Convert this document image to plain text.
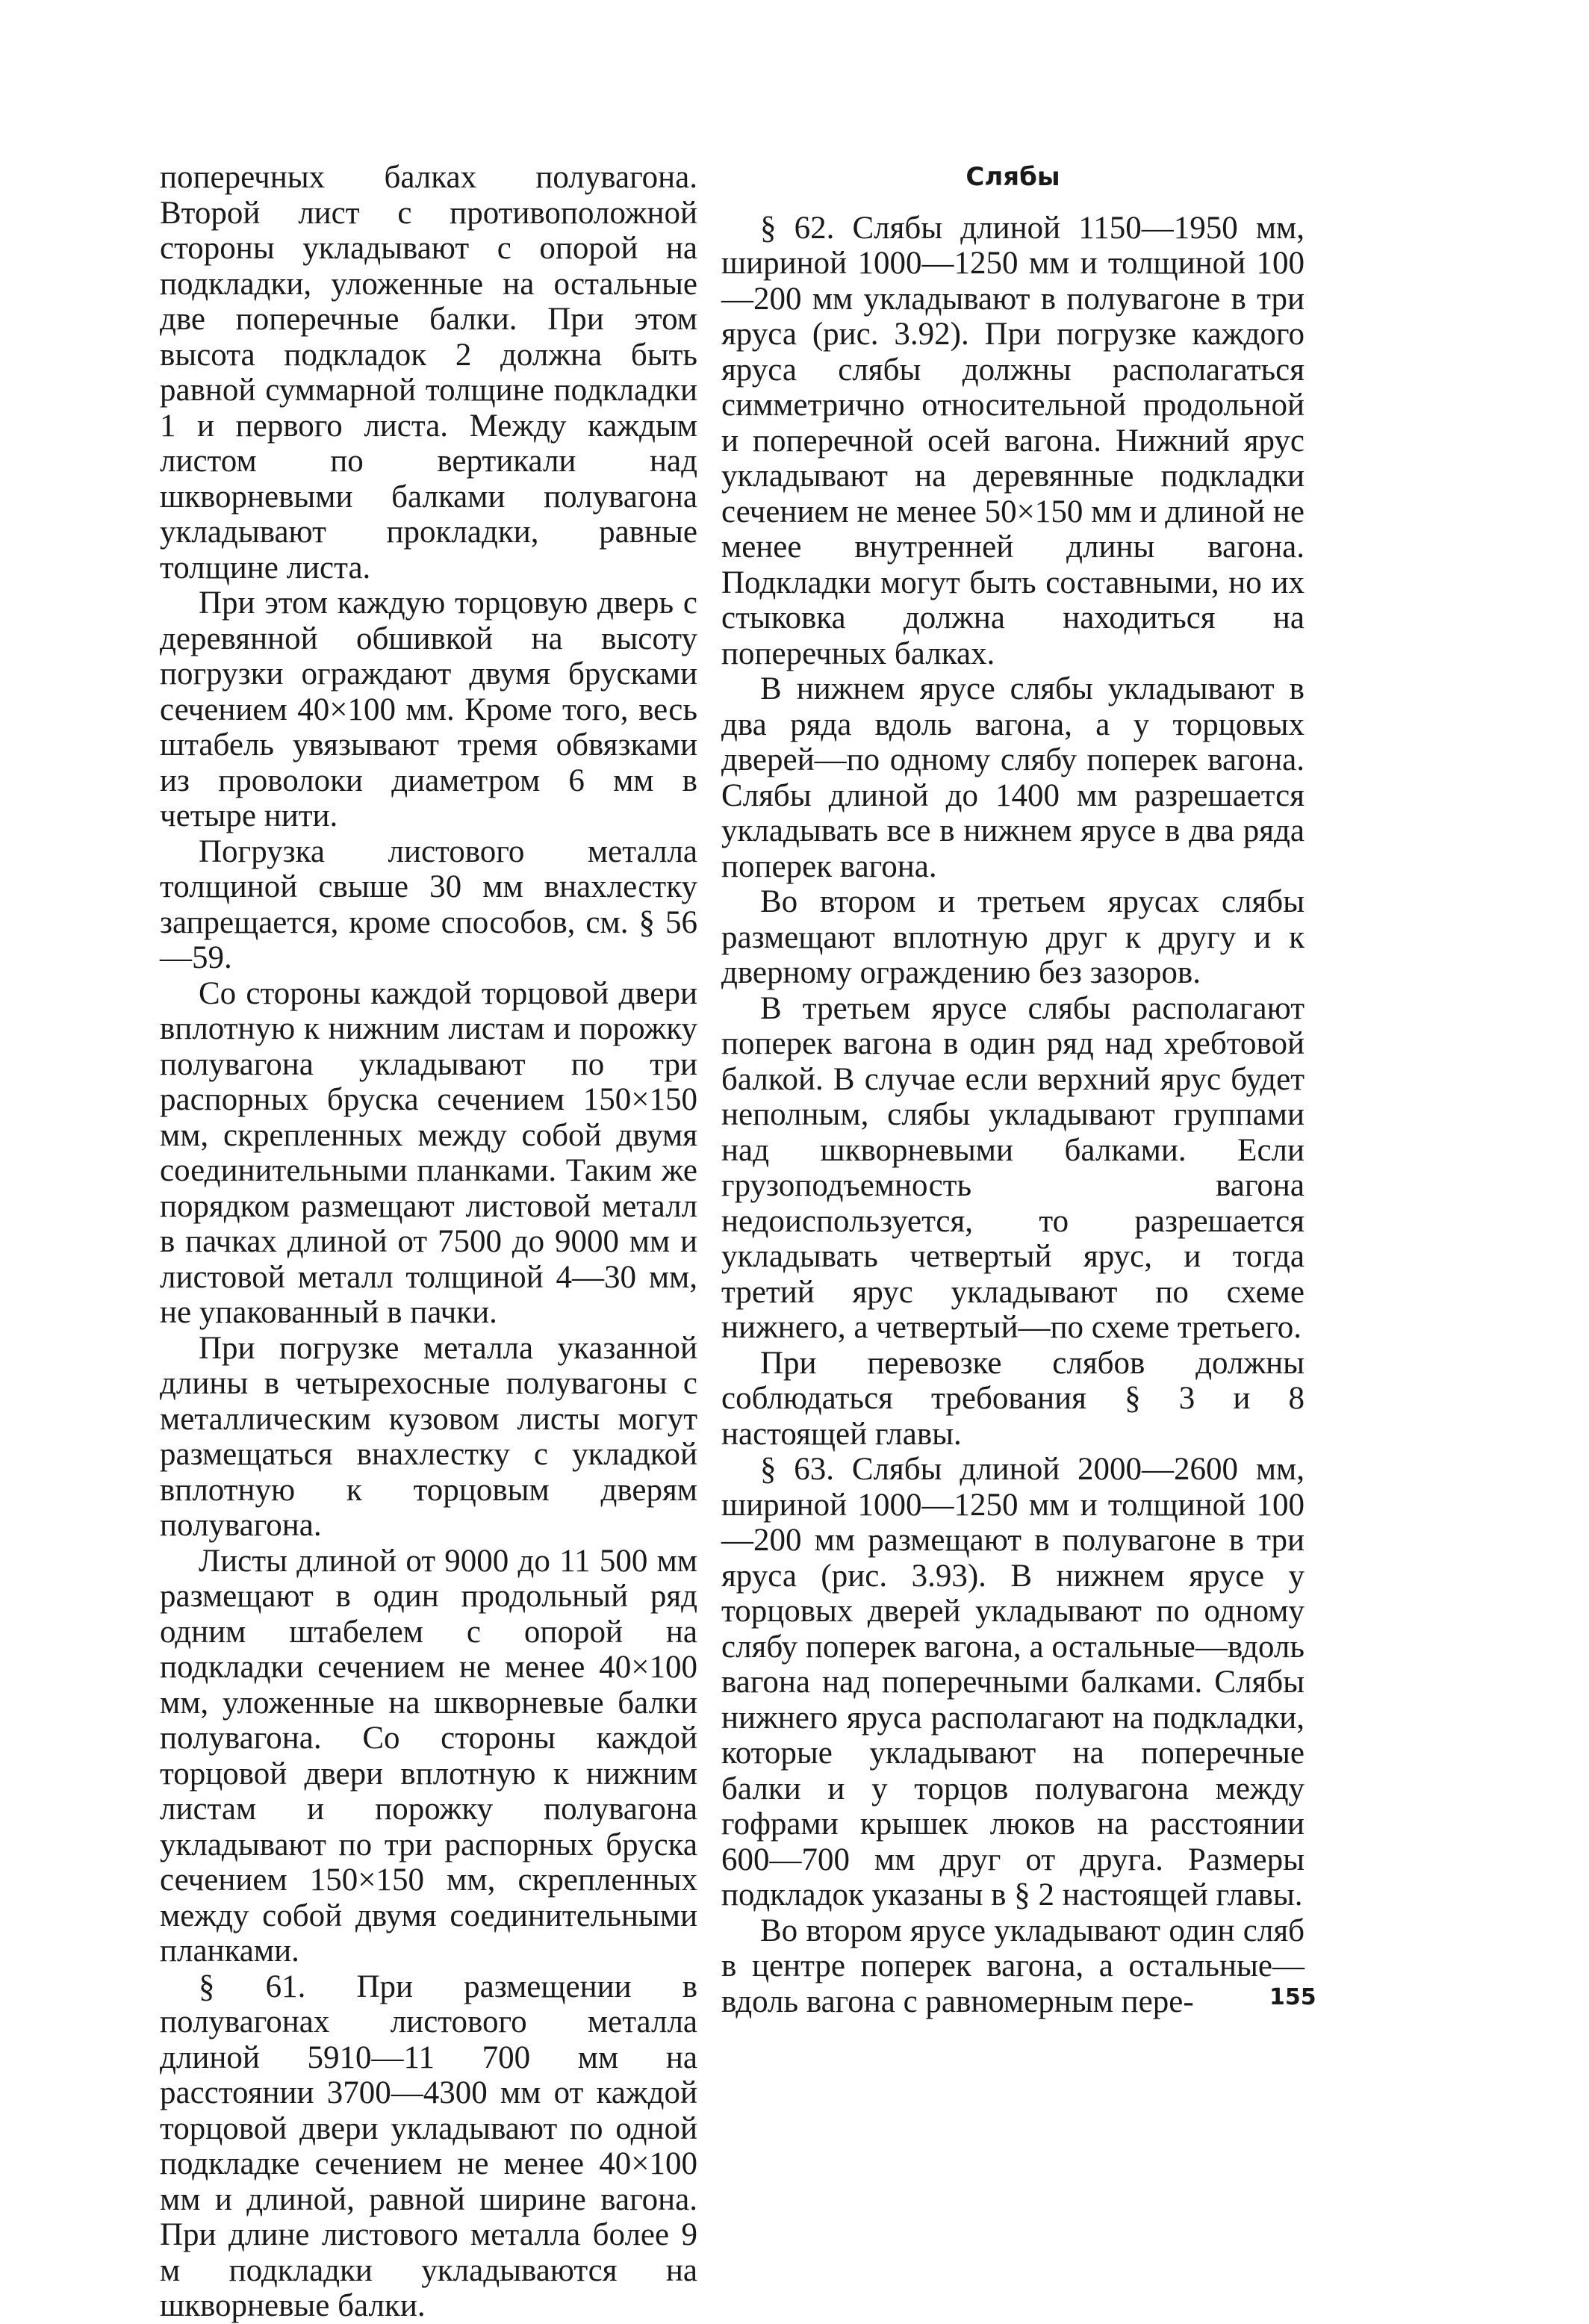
поперечных балках полувагона. Второй лист с противоположной стороны укладывают с опорой на подкладки, уложенные на остальные две поперечные балки. При этом высота подкладок 2 должна быть равной суммарной толщине подкладки 1 и первого листа. Между каждым листом по вертикали над шкворневыми балками полувагона укладывают прокладки, равные толщине листа.

При этом каждую торцовую дверь с деревянной обшивкой на высоту погрузки ограждают двумя брусками сечением 40×100 мм. Кроме того, весь штабель увязывают тремя обвязками из проволоки диаметром 6 мм в четыре нити.

Погрузка листового металла толщиной свыше 30 мм внахлестку запрещается, кроме способов, см. § 56—59.

Со стороны каждой торцовой двери вплотную к нижним листам и порожку полувагона укладывают по три распорных бруска сечением 150×150 мм, скрепленных между собой двумя соединительными планками. Таким же порядком размещают листовой металл в пачках длиной от 7500 до 9000 мм и листовой металл толщиной 4—30 мм, не упакованный в пачки.

При погрузке металла указанной длины в четырехосные полувагоны с металлическим кузовом листы могут размещаться внахлестку с укладкой вплотную к торцовым дверям полувагона.

Листы длиной от 9000 до 11 500 мм размещают в один продольный ряд одним штабелем с опорой на подкладки сечением не менее 40×100 мм, уложенные на шкворневые балки полувагона. Со стороны каждой торцовой двери вплотную к нижним листам и порожку полувагона укладывают по три распорных бруска сечением 150×150 мм, скрепленных между собой двумя соединительными планками.

§ 61. При размещении в полувагонах листового металла длиной 5910—11 700 мм на расстоянии 3700—4300 мм от каждой торцовой двери укладывают по одной подкладке сечением не менее 40×100 мм и длиной, равной ширине вагона. При длине листового металла более 9 м подкладки укладываются на шкворневые балки.

Слябы

§ 62. Слябы длиной 1150—1950 мм, шириной 1000—1250 мм и толщиной 100—200 мм укладывают в полувагоне в три яруса (рис. 3.92). При погрузке каждого яруса слябы должны располагаться симметрично относительной продольной и поперечной осей вагона. Нижний ярус укладывают на деревянные подкладки сечением не менее 50×150 мм и длиной не менее внутренней длины вагона. Подкладки могут быть составными, но их стыковка должна находиться на поперечных балках.

В нижнем ярусе слябы укладывают в два ряда вдоль вагона, а у торцовых дверей—по одному слябу поперек вагона. Слябы длиной до 1400 мм разрешается укладывать все в нижнем ярусе в два ряда поперек вагона.

Во втором и третьем ярусах слябы размещают вплотную друг к другу и к дверному ограждению без зазоров.

В третьем ярусе слябы располагают поперек вагона в один ряд над хребтовой балкой. В случае если верхний ярус будет неполным, слябы укладывают группами над шкворневыми балками. Если грузоподъемность вагона недоиспользуется, то разрешается укладывать четвертый ярус, и тогда третий ярус укладывают по схеме нижнего, а четвертый—по схеме третьего.

При перевозке слябов должны соблюдаться требования § 3 и 8 настоящей главы.

§ 63. Слябы длиной 2000—2600 мм, шириной 1000—1250 мм и толщиной 100—200 мм размещают в полувагоне в три яруса (рис. 3.93). В нижнем ярусе у торцовых дверей укладывают по одному слябу поперек вагона, а остальные—вдоль вагона над поперечными балками. Слябы нижнего яруса располагают на подкладки, которые укладывают на поперечные балки и у торцов полувагона между гофрами крышек люков на расстоянии 600—700 мм друг от друга. Размеры подкладок указаны в § 2 настоящей главы.

Во втором ярусе укладывают один сляб в центре поперек вагона, а остальные—вдоль вагона с равномерным пере-	155
